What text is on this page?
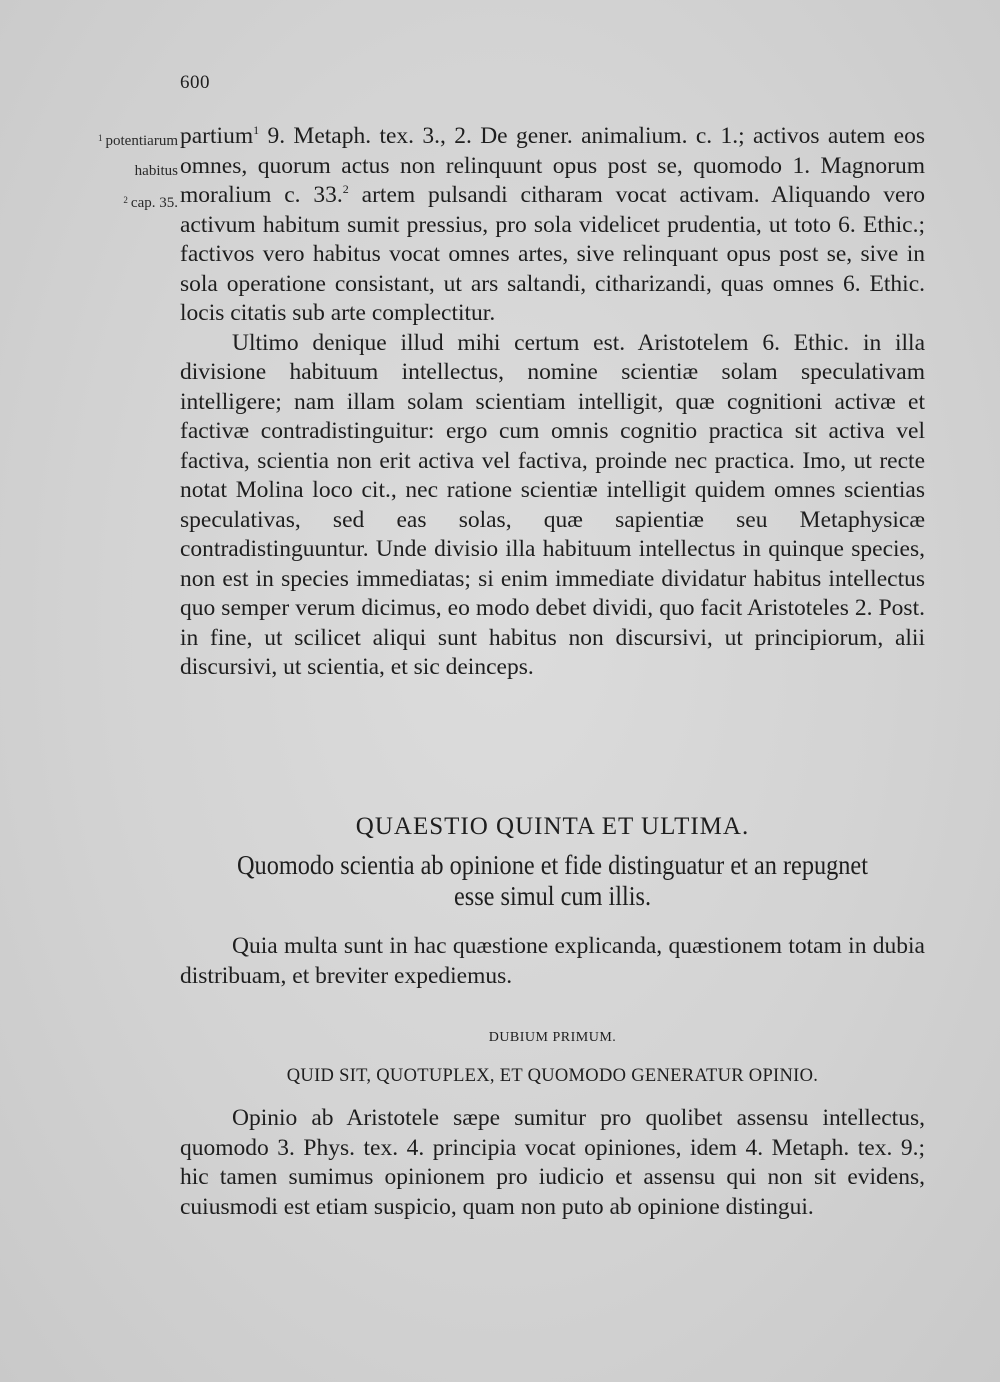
600
$^1$ potentiarum
habitus
$^2$ cap. 35.

partium$^1$ 9. Metaph. tex. 3., 2. De gener. animalium. c. 1.; activos autem eos omnes, quorum actus non relinquunt opus post se, quomodo 1. Magnorum moralium c. 33.$^2$ artem pulsandi citharam vocat activam. Aliquando vero activum habitum sumit pressius, pro sola videlicet prudentia, ut toto 6. Ethic.; factivos vero habitus vocat omnes artes, sive relinquant opus post se, sive in sola operatione consistant, ut ars saltandi, citharizandi, quas omnes 6. Ethic. locis citatis sub arte complectitur.

Ultimo denique illud mihi certum est. Aristotelem 6. Ethic. in illa divisione habituum intellectus, nomine scientiæ solam speculativam intelligere; nam illam solam scientiam intelligit, quæ cognitioni activæ et factivæ contradistinguitur: ergo cum omnis cognitio practica sit activa vel factiva, scientia non erit activa vel factiva, proinde nec practica. Imo, ut recte notat Molina loco cit., nec ratione scientiæ intelligit quidem omnes scientias speculativas, sed eas solas, quæ sapientiæ seu Metaphysicæ contradistinguuntur. Unde divisio illa habituum intellectus in quinque species, non est in species immediatas; si enim immediate dividatur habitus intellectus quo semper verum dicimus, eo modo debet dividi, quo facit Aristoteles 2. Post. in fine, ut scilicet aliqui sunt habitus non discursivi, ut principiorum, alii discursivi, ut scientia, et sic deinceps.

QUAESTIO QUINTA ET ULTIMA.
Quomodo scientia ab opinione et fide distinguatur et an repugnet
esse simul cum illis.

Quia multa sunt in hac quæstione explicanda, quæstionem totam in dubia distribuam, et breviter expediemus.

DUBIUM PRIMUM.
QUID SIT, QUOTUPLEX, ET QUOMODO GENERATUR OPINIO.

Opinio ab Aristotele sæpe sumitur pro quolibet assensu intellectus, quomodo 3. Phys. tex. 4. principia vocat opiniones, idem 4. Metaph. tex. 9.; hic tamen sumimus opinionem pro iudicio et assensu qui non sit evidens, cuiusmodi est etiam suspicio, quam non puto ab opinione distingui.
